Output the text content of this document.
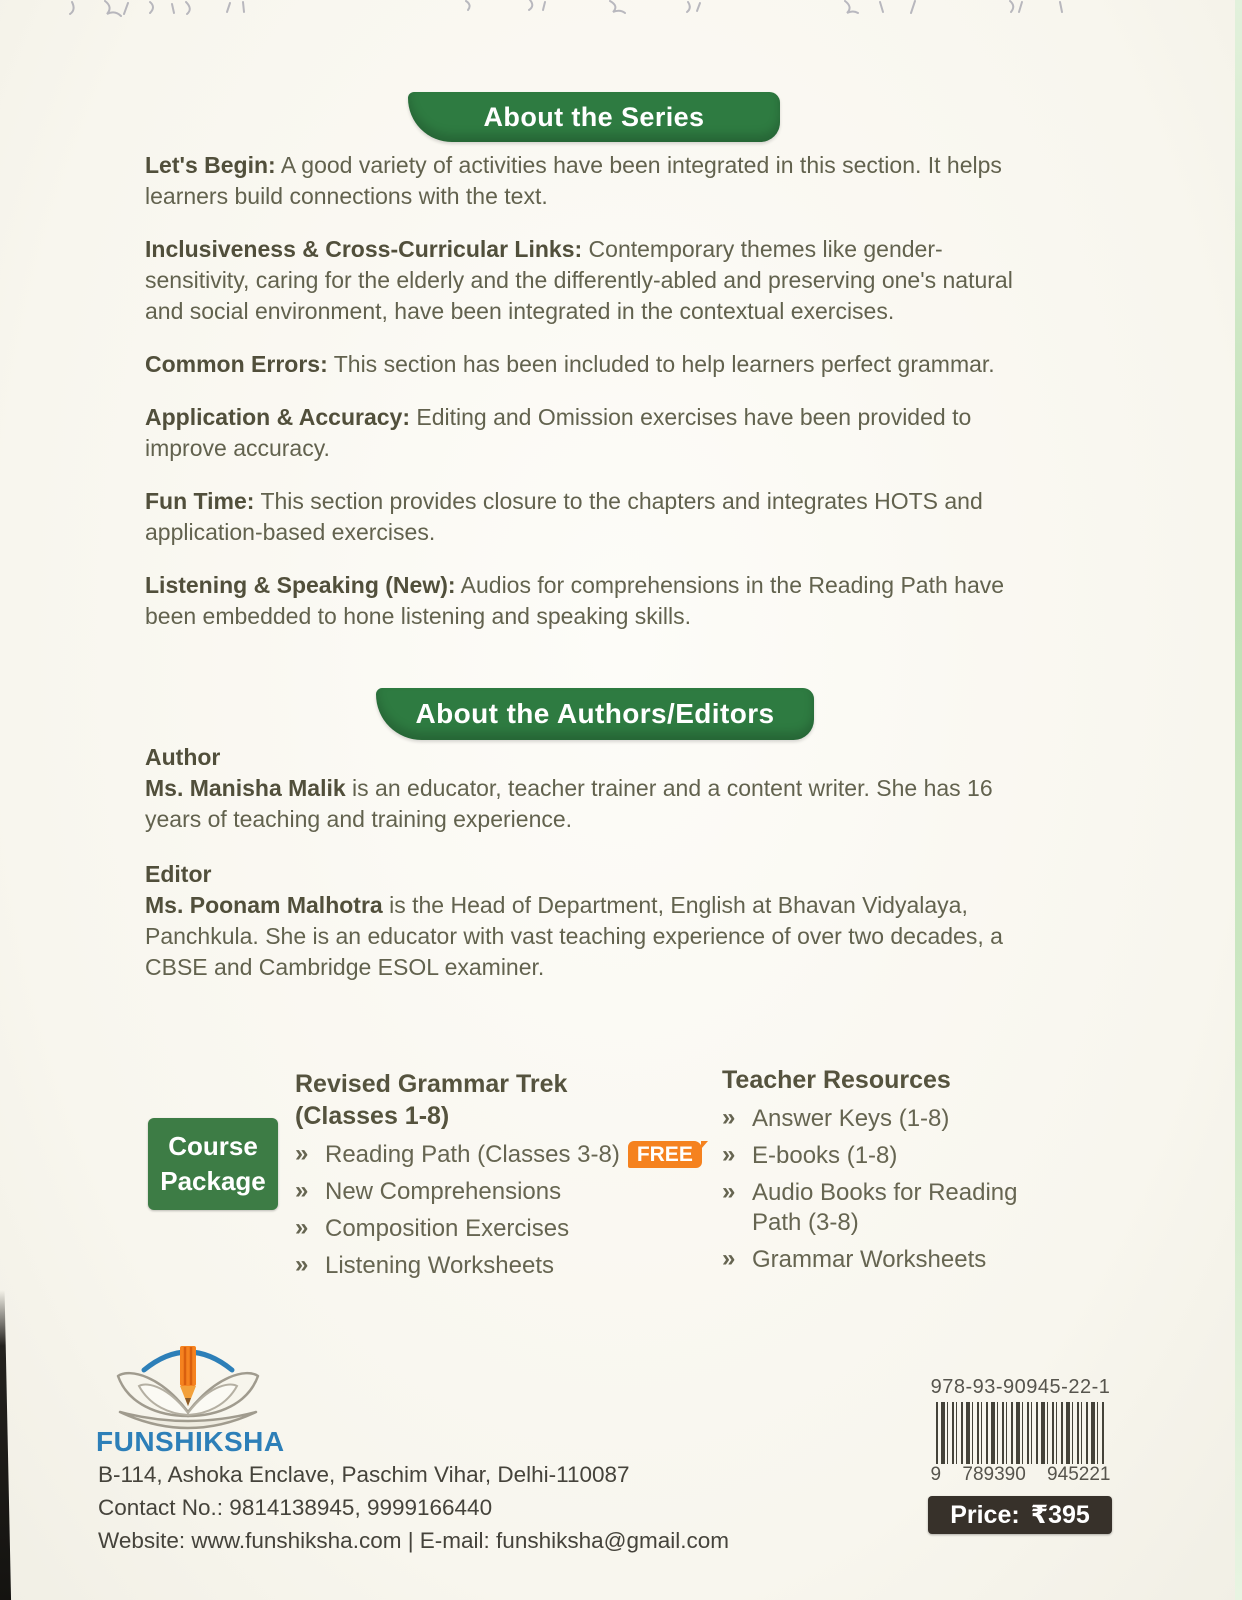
About the Series

Let's Begin: A good variety of activities have been integrated in this section. It helps learners build connections with the text.

Inclusiveness & Cross-Curricular Links: Contemporary themes like gender-sensitivity, caring for the elderly and the differently-abled and preserving one's natural and social environment, have been integrated in the contextual exercises.

Common Errors: This section has been included to help learners perfect grammar.

Application & Accuracy: Editing and Omission exercises have been provided to improve accuracy.

Fun Time: This section provides closure to the chapters and integrates HOTS and application-based exercises.

Listening & Speaking (New): Audios for comprehensions in the Reading Path have been embedded to hone listening and speaking skills.

About the Authors/Editors

Author

Ms. Manisha Malik is an educator, teacher trainer and a content writer. She has 16 years of teaching and training experience.

Editor

Ms. Poonam Malhotra is the Head of Department, English at Bhavan Vidyalaya, Panchkula. She is an educator with vast teaching experience of over two decades, a CBSE and Cambridge ESOL examiner.

Course
Package

Revised Grammar Trek
(Classes 1-8)

» Reading Path (Classes 3-8) FREE
» New Comprehensions
» Composition Exercises
» Listening Worksheets

Teacher Resources

» Answer Keys (1-8)
» E-books (1-8)
» Audio Books for Reading Path (3-8)
» Grammar Worksheets
FUNSHIKSHA
B-114, Ashoka Enclave, Paschim Vihar, Delhi-110087
Contact No.: 9814138945, 9999166440
Website: www.funshiksha.com | E-mail: funshiksha@gmail.com
978-93-90945-22-1
9 789390 945221
Price: ₹395
